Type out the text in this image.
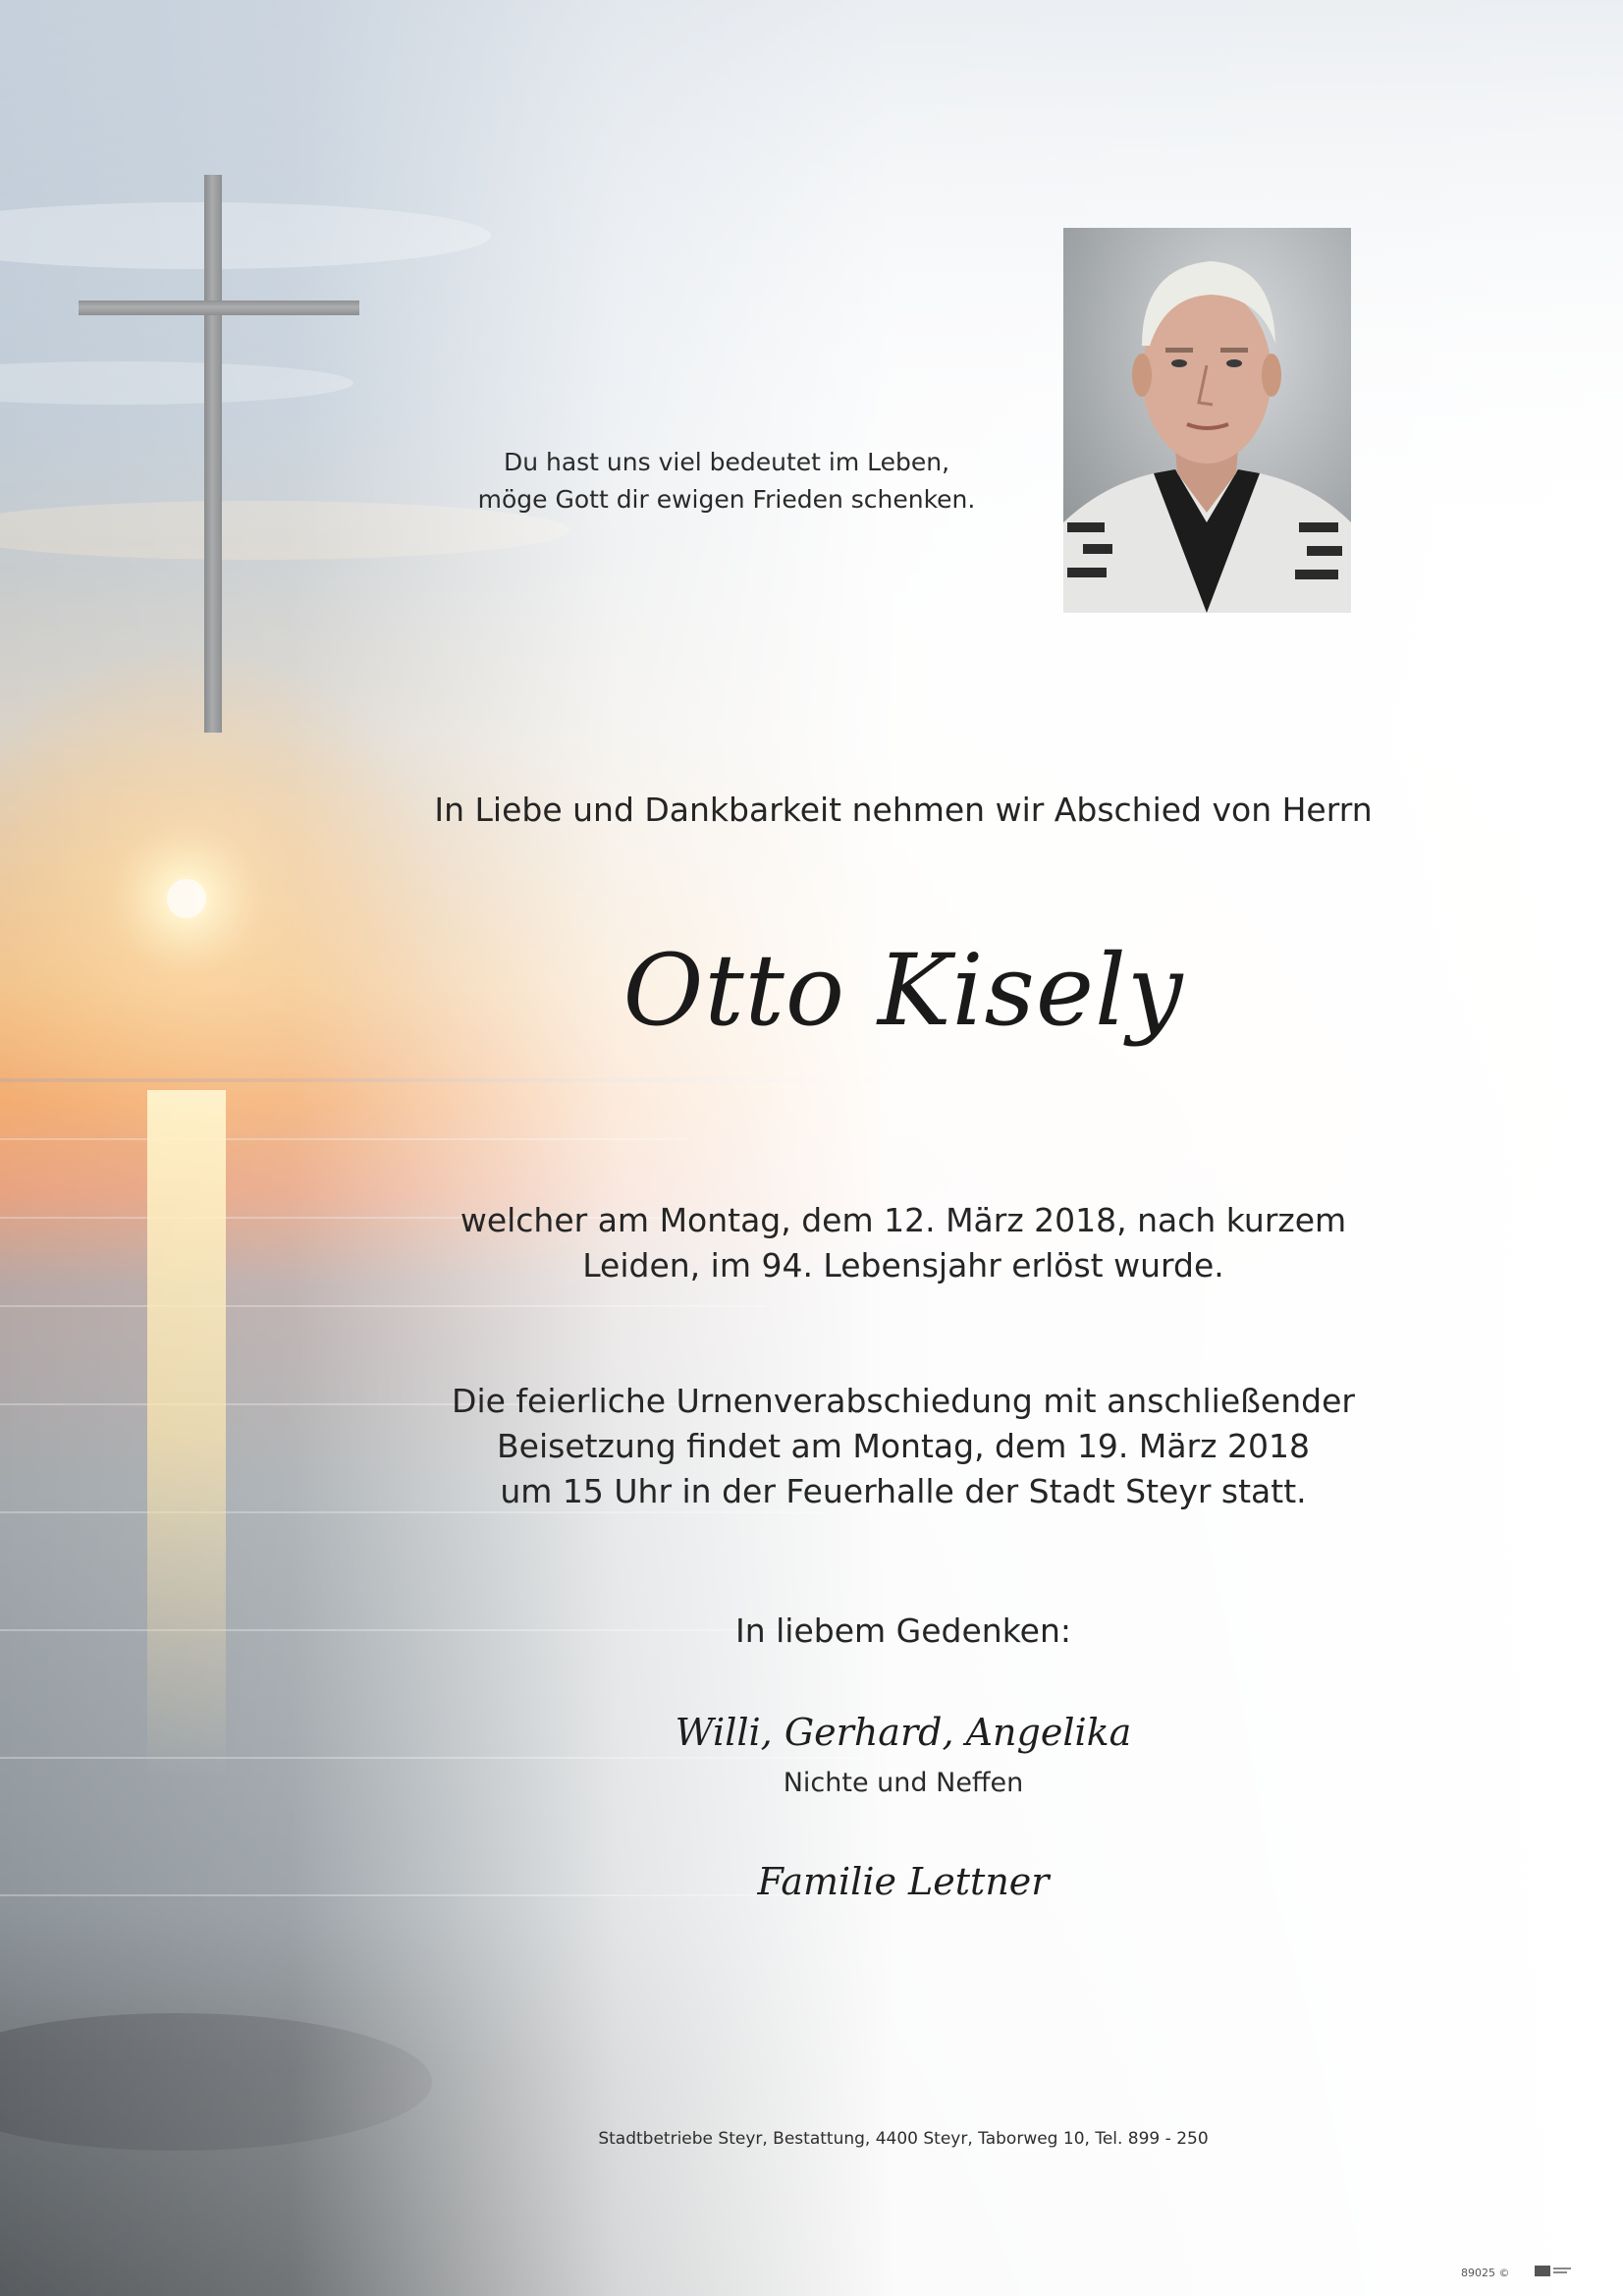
Du hast uns viel bedeutet im Leben,
möge Gott dir ewigen Frieden schenken.
In Liebe und Dankbarkeit nehmen wir Abschied von Herrn
Otto Kisely
welcher am Montag, dem 12. März 2018, nach kurzem
Leiden, im 94. Lebensjahr erlöst wurde.
Die feierliche Urnenverabschiedung mit anschließender
Beisetzung findet am Montag, dem 19. März 2018
um 15 Uhr in der Feuerhalle der Stadt Steyr statt.
In liebem Gedenken:
Willi, Gerhard, Angelika
Nichte und Neffen
Familie Lettner
Stadtbetriebe Steyr, Bestattung, 4400 Steyr, Taborweg 10, Tel. 899 - 250
89025 ©
